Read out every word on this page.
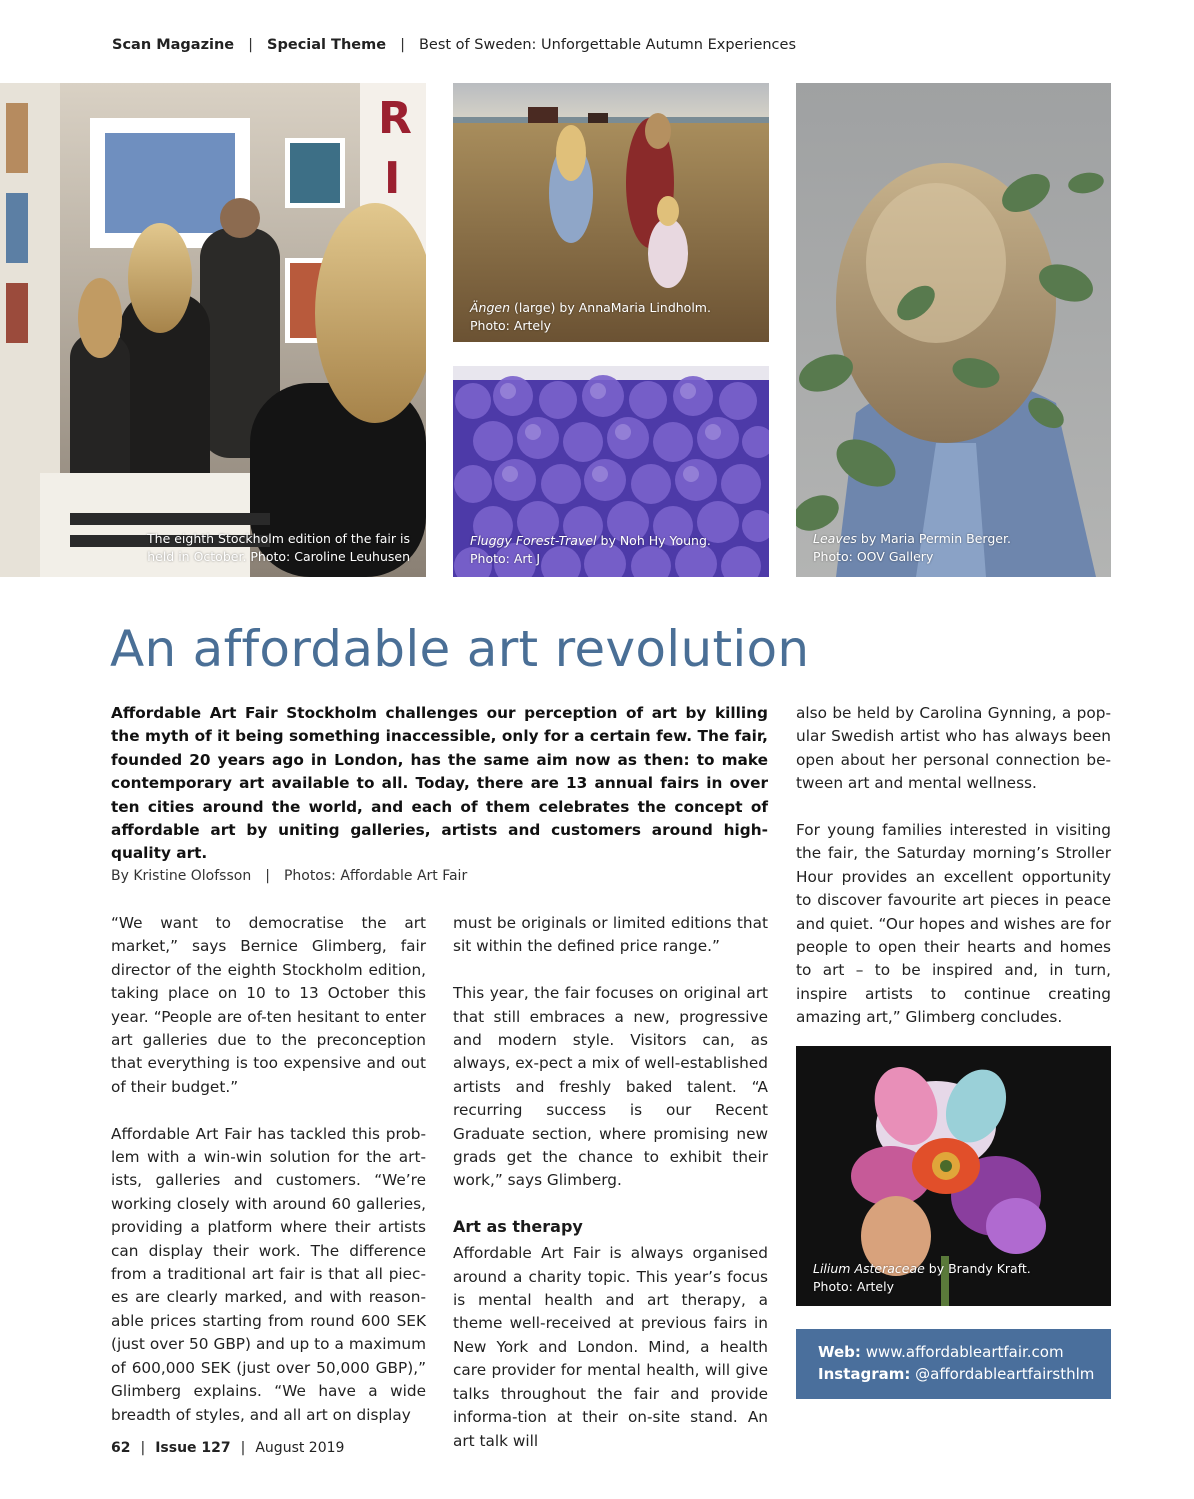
Scan Magazine | Special Theme | Best of Sweden: Unforgettable Autumn Experiences
R
I
The eighth Stockholm edition of the fair is
held in October. Photo: Caroline Leuhusen
Ängen (large) by AnnaMaria Lindholm.
Photo: Artely
Fluggy Forest-Travel by Noh Hy Young.
Photo: Art J
Leaves by Maria Permin Berger.
Photo: OOV Gallery
An affordable art revolution
Affordable Art Fair Stockholm challenges our perception of art by killing the myth of it being something inaccessible, only for a certain few. The fair, founded 20 years ago in London, has the same aim now as then: to make contemporary art available to all. Today, there are 13 annual fairs in over ten cities around the world, and each of them celebrates the concept of affordable art by uniting galleries, artists and customers around high-quality art.
By Kristine Olofsson | Photos: Affordable Art Fair

“We want to democratise the art market,” says Bernice Glimberg, fair director of the eighth Stockholm edition, taking place on 10 to 13 October this year. “People are of-ten hesitant to enter art galleries due to the preconception that everything is too expensive and out of their budget.”

Affordable Art Fair has tackled this prob-lem with a win-win solution for the art-ists, galleries and customers. “We’re working closely with around 60 galleries, providing a platform where their artists can display their work. The difference from a traditional art fair is that all piec-es are clearly marked, and with reason-able prices starting from round 600 SEK (just over 50 GBP) and up to a maximum of 600,000 SEK (just over 50,000 GBP),” Glimberg explains. “We have a wide breadth of styles, and all art on display

must be originals or limited editions that sit within the defined price range.”

This year, the fair focuses on original art that still embraces a new, progressive and modern style. Visitors can, as always, ex-pect a mix of well-established artists and freshly baked talent. “A recurring success is our Recent Graduate section, where promising new grads get the chance to exhibit their work,” says Glimberg.

Art as therapy

Affordable Art Fair is always organised around a charity topic. This year’s focus is mental health and art therapy, a theme well-received at previous fairs in New York and London. Mind, a health care provider for mental health, will give talks throughout the fair and provide informa-tion at their on-site stand. An art talk will

also be held by Carolina Gynning, a pop-ular Swedish artist who has always been open about her personal connection be-tween art and mental wellness.

For young families interested in visiting the fair, the Saturday morning’s Stroller Hour provides an excellent opportunity to discover favourite art pieces in peace and quiet. “Our hopes and wishes are for people to open their hearts and homes to art – to be inspired and, in turn, inspire artists to continue creating amazing art,” Glimberg concludes.

Lilium Asteraceae by Brandy Kraft.
Photo: Artely
Web: www.affordableartfair.com
Instagram: @affordableartfairsthlm
62 | Issue 127 | August 2019
